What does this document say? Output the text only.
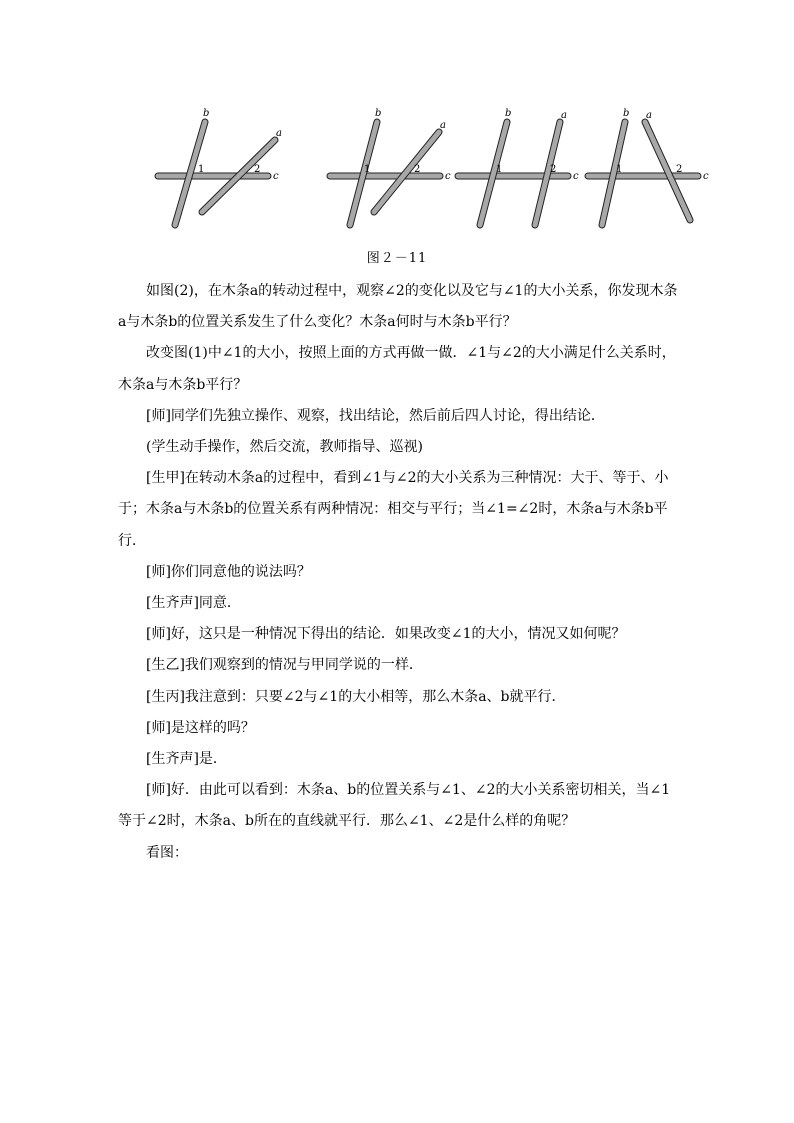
b
a
c
1	2
b
a
c
1	2
b	a
c
1	2
b a
c
1	2
图２－11

如图(2)，在木条a的转动过程中，观察∠2的变化以及它与∠1的大小关系，你发现木条a与木条b的位置关系发生了什么变化？木条a何时与木条b平行？

改变图(1)中∠1的大小，按照上面的方式再做一做．∠1与∠2的大小满足什么关系时，木条a与木条b平行？

[师]同学们先独立操作、观察，找出结论，然后前后四人讨论，得出结论．

(学生动手操作，然后交流，教师指导、巡视)

[生甲]在转动木条a的过程中，看到∠1与∠2的大小关系为三种情况：大于、等于、小于；木条a与木条b的位置关系有两种情况：相交与平行；当∠1=∠2时，木条a与木条b平行．

[师]你们同意他的说法吗？

[生齐声]同意．

[师]好，这只是一种情况下得出的结论．如果改变∠1的大小，情况又如何呢？

[生乙]我们观察到的情况与甲同学说的一样．

[生丙]我注意到：只要∠2与∠1的大小相等，那么木条a、b就平行．

[师]是这样的吗？

[生齐声]是．

[师]好．由此可以看到：木条a、b的位置关系与∠1、∠2的大小关系密切相关，当∠1等于∠2时，木条a、b所在的直线就平行．那么∠1、∠2是什么样的角呢？

看图：
